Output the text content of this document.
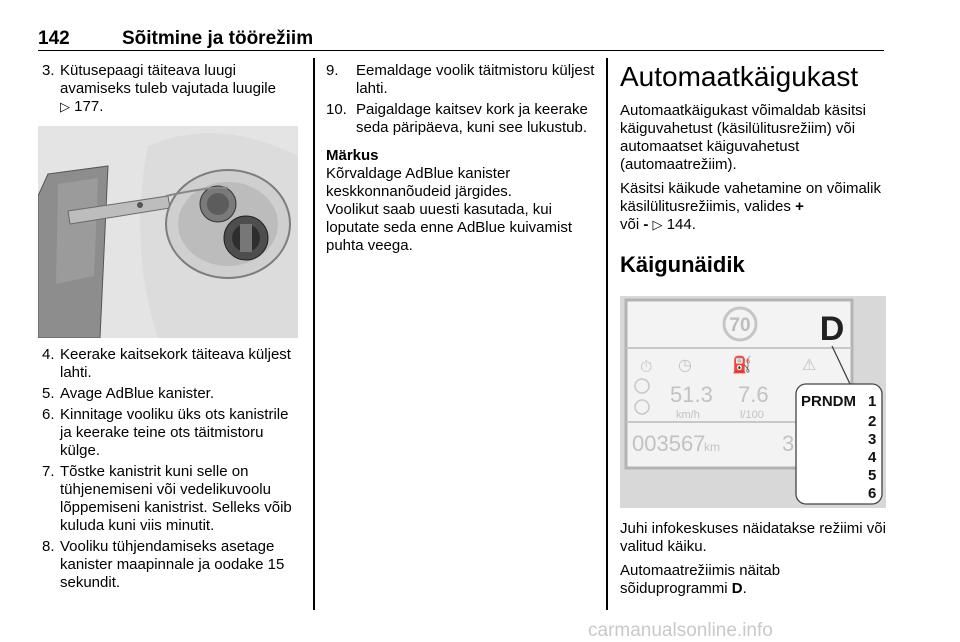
142	Sõitmine ja töörežiim
3. Kütusepaagi täiteava luugi avamiseks tuleb vajutada luugile
▷ 177.
4. Keerake kaitsekork täiteava küljest lahti.
5. Avage AdBlue kanister.
6. Kinnitage vooliku üks ots kanistrile ja keerake teine ots täitmistoru külge.
7. Tõstke kanistrit kuni selle on tühjenemiseni või vedelikuvoolu lõppemiseni kanistrist. Selleks võib kuluda kuni viis minutit.
8. Vooliku tühjendamiseks asetage kanister maapinnale ja oodake 15 sekundit.
9. Eemaldage voolik täitmistoru küljest lahti.
10. Paigaldage kaitsev kork ja keerake seda päripäeva, kuni see lukustub.
Märkus
Kõrvaldage AdBlue kanister keskkonnanõudeid järgides.
Voolikut saab uuesti kasutada, kui loputate seda enne AdBlue kuivamist puhta veega.
Automaatkäigukast

Automaatkäigukast võimaldab käsitsi käiguvahetust (käsilülitusrežiim) või automaatset käiguvahetust (automaatrežiim).

Käsitsi käikude vahetamine on võimalik käsilülitusrežiimis, valides +
või - ▷ 144.

Käigunäidik
70 D
⏱ ◷	⛽	⚠
51.3
km/h
7.6
l/100
003567
km	3
PRNDM 1
2
3
4
5
6

Juhi infokeskuses näidatakse režiimi või valitud käiku.

Automaatrežiimis näitab sõiduprogrammi D.

carmanualsonline.info
